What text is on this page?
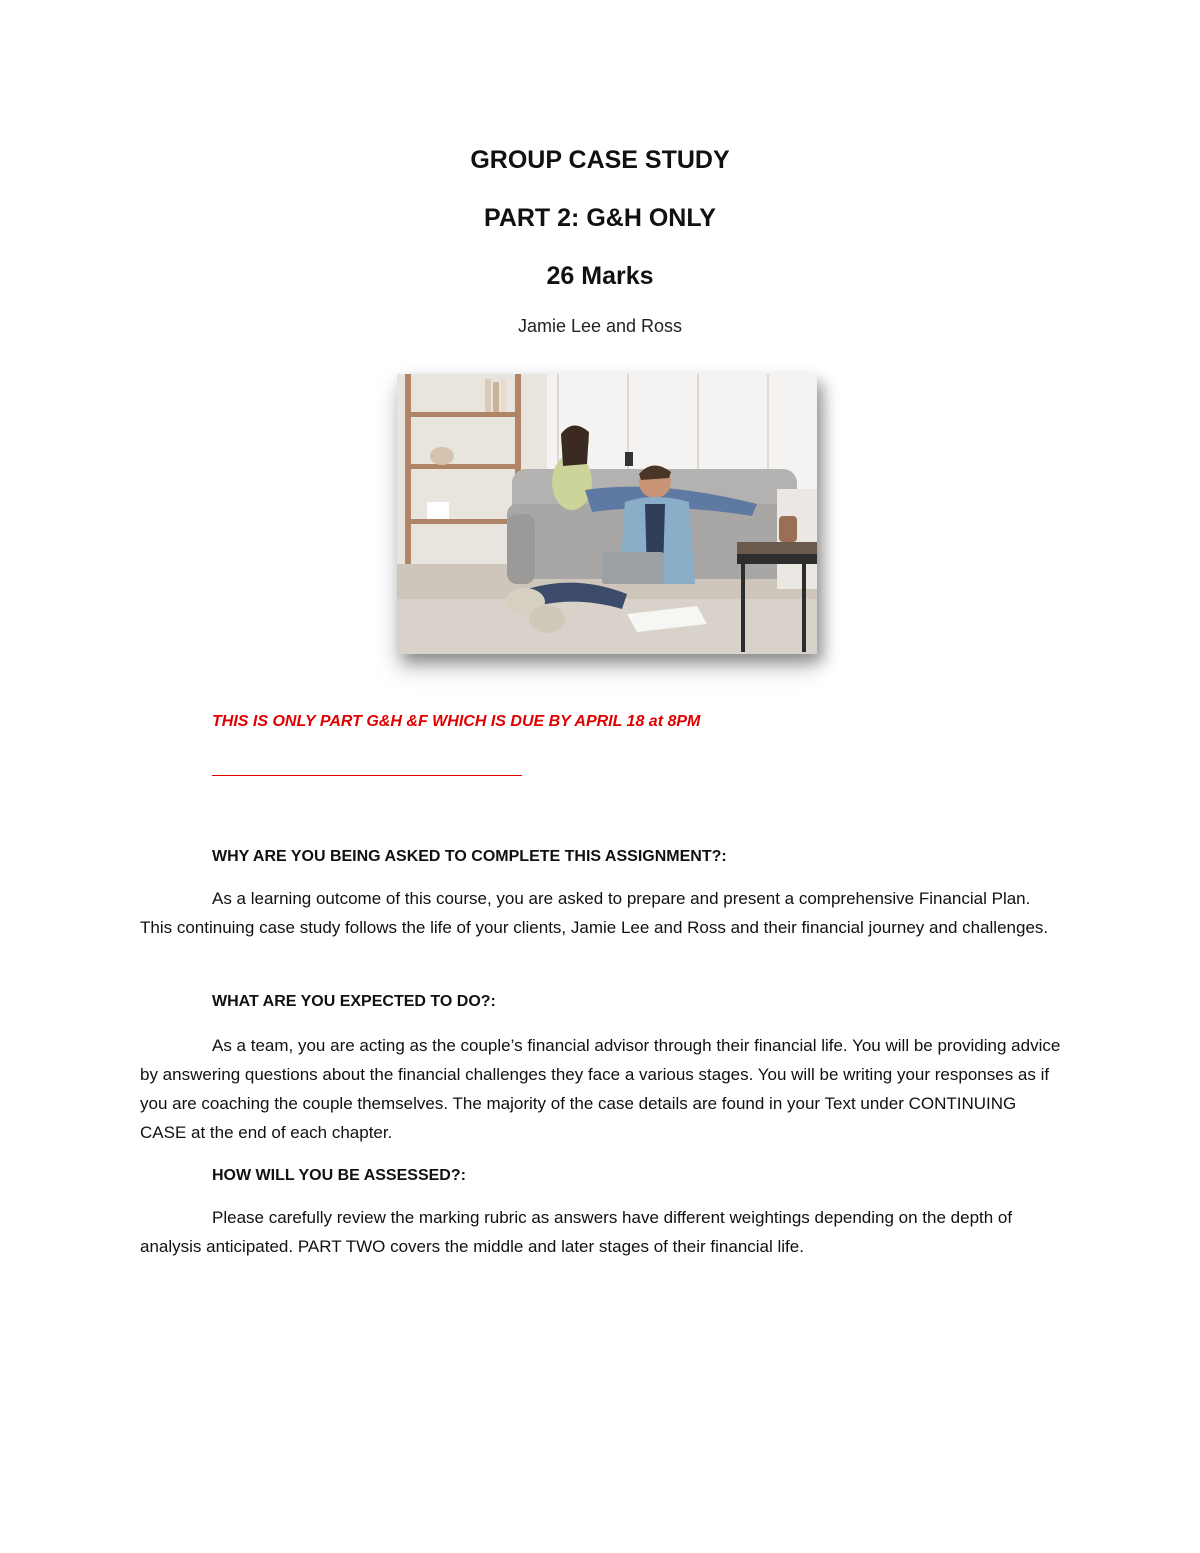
GROUP CASE STUDY
PART 2: G&H ONLY
26 Marks
Jamie Lee and Ross
THIS IS ONLY PART G&H &F WHICH IS DUE BY APRIL 18 at 8PM
WHY ARE YOU BEING ASKED TO COMPLETE THIS ASSIGNMENT?:
As a learning outcome of this course, you are asked to prepare and present a comprehensive Financial Plan. This continuing case study follows the life of your clients, Jamie Lee and Ross and their financial journey and challenges.
WHAT ARE YOU EXPECTED TO DO?:
As a team, you are acting as the couple’s financial advisor through their financial life. You will be providing advice by answering questions about the financial challenges they face a various stages. You will be writing your responses as if you are coaching the couple themselves. The majority of the case details are found in your Text under CONTINUING CASE at the end of each chapter.
HOW WILL YOU BE ASSESSED?:
Please carefully review the marking rubric as answers have different weightings depending on the depth of analysis anticipated. PART TWO covers the middle and later stages of their financial life.
